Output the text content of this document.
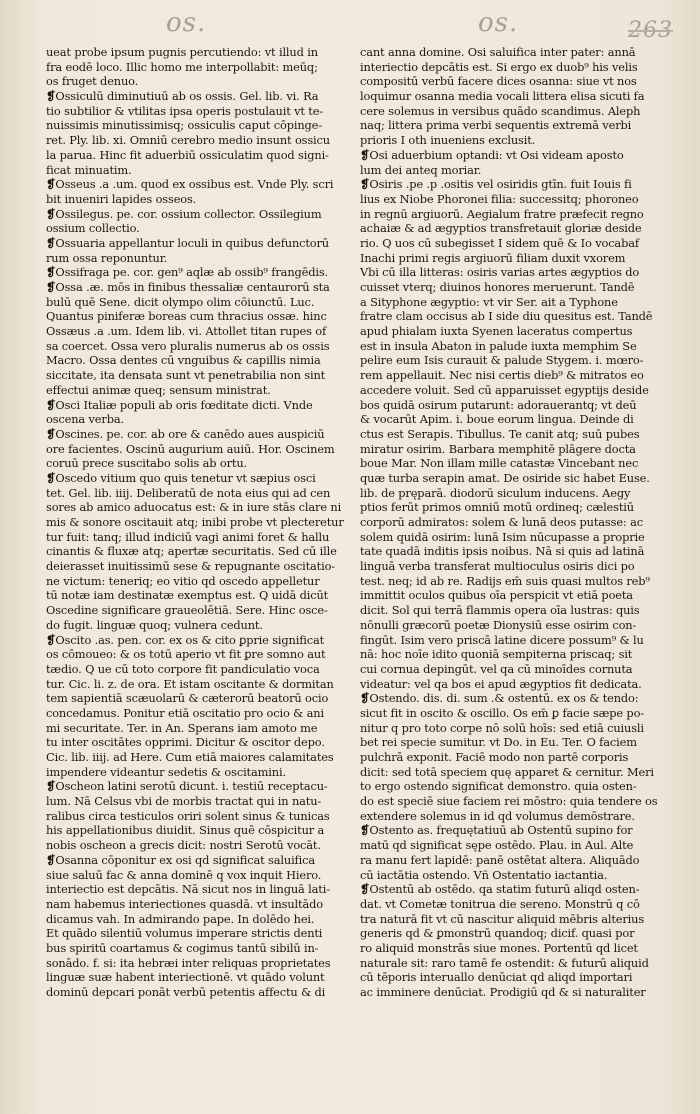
os.	os.	263
ueat probe ipsum pugnis percutiendo: vt illud in
fra eodē loco. Illic homo me interpollabit: meūq;
os fruget denuo.
❡Ossiculū diminutiuū ab os ossis. Gel. lib. vi. Ra
tio subtilior & vtilitas ipsa operis postulauit vt te-
nuissimis minutissimisq; ossiculis caput cōpinge-
ret. Ply. lib. xi. Omniū cerebro medio insunt ossicu
la parua. Hinc fit aduerbiū ossiculatim quod signi-
ficat minuatim.
❡Osseus .a .um. quod ex ossibus est. Vnde Ply. scri
bit inueniri lapides osseos.
❡Ossilegus. pe. cor. ossium collector. Ossilegium
ossium collectio.
❡Ossuaria appellantur loculi in quibus defunctorū
rum ossa reponuntur.
❡Ossifraga pe. cor. gen⁹ aqlæ ab ossib⁹ frangēdis.
❡Ossa .æ. mōs in finibus thessaliæ centaurorū sta
bulū quē Sene. dicit olympo olim cōiunctū. Luc.
Quantus piniferæ boreas cum thracius ossæ. hinc
Ossæus .a .um. Idem lib. vi. Attollet titan rupes of
sa coercet. Ossa vero pluralis numerus ab os ossis
Macro. Ossa dentes cū vnguibus & capillis nimia
siccitate, ita densata sunt vt penetrabilia non sint
effectui animæ queq; sensum ministrat.
❡Osci Italiæ populi ab oris fœditate dicti. Vnde
oscena verba.
❡Oscines. pe. cor. ab ore & canēdo aues auspiciū
ore facientes. Oscinū augurium auiū. Hor. Oscinem
coruū prece suscitabo solis ab ortu.
❡Oscedo vitium quo quis tenetur vt sæpius osci
tet. Gel. lib. iiij. Deliberatū de nota eius qui ad cen
sores ab amico aduocatus est: & in iure stās clare ni
mis & sonore oscitauit atq; inibi probe vt plecteretur
tur fuit: tanq; illud indiciū vagi animi foret & hallu
cinantis & fluxæ atq; apertæ securitatis. Sed cū ille
deierasset inuitissimū sese & repugnante oscitatio-
ne victum: teneriq; eo vitio qd oscedo appelletur
tū notæ iam destinatæ exemptus est. Q uidā dicūt
Oscedine significare graueolētiā. Sere. Hinc osce-
do fugit. linguæ quoq; vulnera cedunt.
❡Oscito .as. pen. cor. ex os & cito ꝑprie significat
os cōmoueo: & os totū aperio vt fit ꝑre somno aut
tædio. Q ue cū toto corpore fit pandiculatio voca
tur. Cic. li. z. de ora. Et istam oscitante & dormitan
tem sapientiā scæuolarū & cæterorū beatorū ocio
concedamus. Ponitur etiā oscitatio pro ocio & ani
mi securitate. Ter. in An. Sperans iam amoto me
tu inter oscitātes opprimi. Dicitur & oscitor depo.
Cic. lib. iiij. ad Here. Cum etiā maiores calamitates
impendere videantur sedetis & oscitamini.
❡Oscheon latini serotū dicunt. i. testiū receptacu-
lum. Nā Celsus vbi de morbis tractat qui in natu-
ralibus circa testiculos oriri solent sinus & tunicas
his appellationibus diuidit. Sinus quē cōspicitur a
nobis oscheon a grecis dicit: nostri Serotū vocāt.
❡Osanna cōponitur ex osi qd significat saluifica
siue saluū fac & anna dominē q vox inquit Hiero.
interiectio est depcātis. Nā sicut nos in linguā lati-
nam habemus interiectiones quasdā. vt insultādo
dicamus vah. In admirando pape. In dolēdo hei.
Et quādo silentiū volumus imperare strictis denti
bus spiritū coartamus & cogimus tantū sibilū in-
sonādo. f. si: ita hebræi inter reliquas proprietates
linguæ suæ habent interiectionē. vt quādo volunt
dominū depcari ponāt verbū petentis affectu & di
cant anna domine. Osi saluifica inter pater: annā
interiectio depcātis est. Si ergo ex duob⁹ his velis
compositū verbū facere dices osanna: siue vt nos
loquimur osanna media vocali littera elisa sicuti fa
cere solemus in versibus quādo scandimus. Aleph
naq; littera prima verbi sequentis extremā verbi
prioris I oth inueniens exclusit.
❡Osi aduerbium optandi: vt Osi videam aposto
lum dei anteq moriar.
❡Osiris .pe .p .ositis vel osiridis gtīn. fuit Iouis fi
lius ex Niobe Phoronei filia: successitq; phoroneo
in regnū argiuorū. Aegialum fratre præfecit regno
achaiæ & ad ægyptios transfretauit gloriæ deside
rio. Q uos cū subegisset I sidem quē & Io vocabaf
Inachi primi regis argiuorū filiam duxit vxorem
Vbi cū illa litteras: osiris varias artes ægyptios do
cuisset vterq; diuinos honores meruerunt. Tandē
a Sityphone ægyptio: vt vir Ser. ait a Typhone
fratre clam occisus ab I side diu quesitus est. Tandē
apud phialam iuxta Syenen laceratus compertus
est in insula Abaton in palude iuxta memphim Se
pelire eum Isis curauit & palude Stygem. i. mœro-
rem appellauit. Nec nisi certis dieb⁹ & mitratos eo
accedere voluit. Sed cū apparuisset egyptijs deside
bos quidā osirum putarunt: adorauerantq; vt deū
& vocarūt Apim. i. boue eorum lingua. Deinde di
ctus est Serapis. Tibullus. Te canit atq; suū pubes
miratur osirim. Barbara memphitē plāgere docta
boue Mar. Non illam mille catastæ Vincebant nec
quæ turba serapin amat. De osiride sic habet Euse.
lib. de pręparā. diodorū siculum inducens. Aegy
ptios ferūt primos omniū motū ordineq; cælestiū
corporū admiratos: solem & lunā deos putasse: ac
solem quidā osirim: lunā Isim nūcupasse a proprie
tate quadā inditis ipsis noibus. Nā si quis ad latinā
linguā verba transferat multioculus osiris dici po
test. neq; id ab re. Radijs em̄ suis quasi multos reb⁹
immittit oculos quibus oīa perspicit vt etiā poeta
dicit. Sol qui terrā flammis opera oīa lustras: quis
nōnulli græcorū poetæ Dionysiū esse osirim con-
fingūt. Isim vero priscā latine dicere possum⁹ & lu
nā: hoc noīe idito quoniā sempiterna priscaq; sit
cui cornua depingūt. vel qa cū minoīdes cornuta
videatur: vel qa bos ei apud ægyptios fit dedicata.
❡Ostendo. dis. di. sum .& ostentū. ex os & tendo:
sicut fit in oscito & oscillo. Os em̄ ꝑ facie sæpe po-
nitur q pro toto corpe nō solū hoīs: sed etiā cuiusli
bet rei specie sumitur. vt Do. in Eu. Ter. O faciem
pulchrā exponit. Faciē modo non partē corporis
dicit: sed totā speciem quę apparet & cernitur. Meri
to ergo ostendo significat demonstro. quia osten-
do est speciē siue faciem rei mōstro: quia tendere os
extendere solemus in id qd volumus demōstrare.
❡Ostento as. frequętatiuū ab Ostentū supino for
matū qd significat sępe ostēdo. Plau. in Aul. Alte
ra manu fert lapidē: panē ostētat altera. Aliquādo
cū iactātia ostendo. Vñ Ostentatio iactantia.
❡Ostentū ab ostēdo. qa statim futurū aliqd osten-
dat. vt Cometæ tonitrua die sereno. Monstrū q cō
tra naturā fit vt cū nascitur aliquid mēbris alterius
generis qd & ꝑmonstrū quandoq; dicif. quasi por
ro aliquid monstrās siue mones. Portentū qd licet
naturale sit: raro tamē fe ostendit: & futurū aliquid
cū tēporis interuallo denūciat qd aliqd importari
ac imminere denūciat. Prodigiū qd & si naturaliter
